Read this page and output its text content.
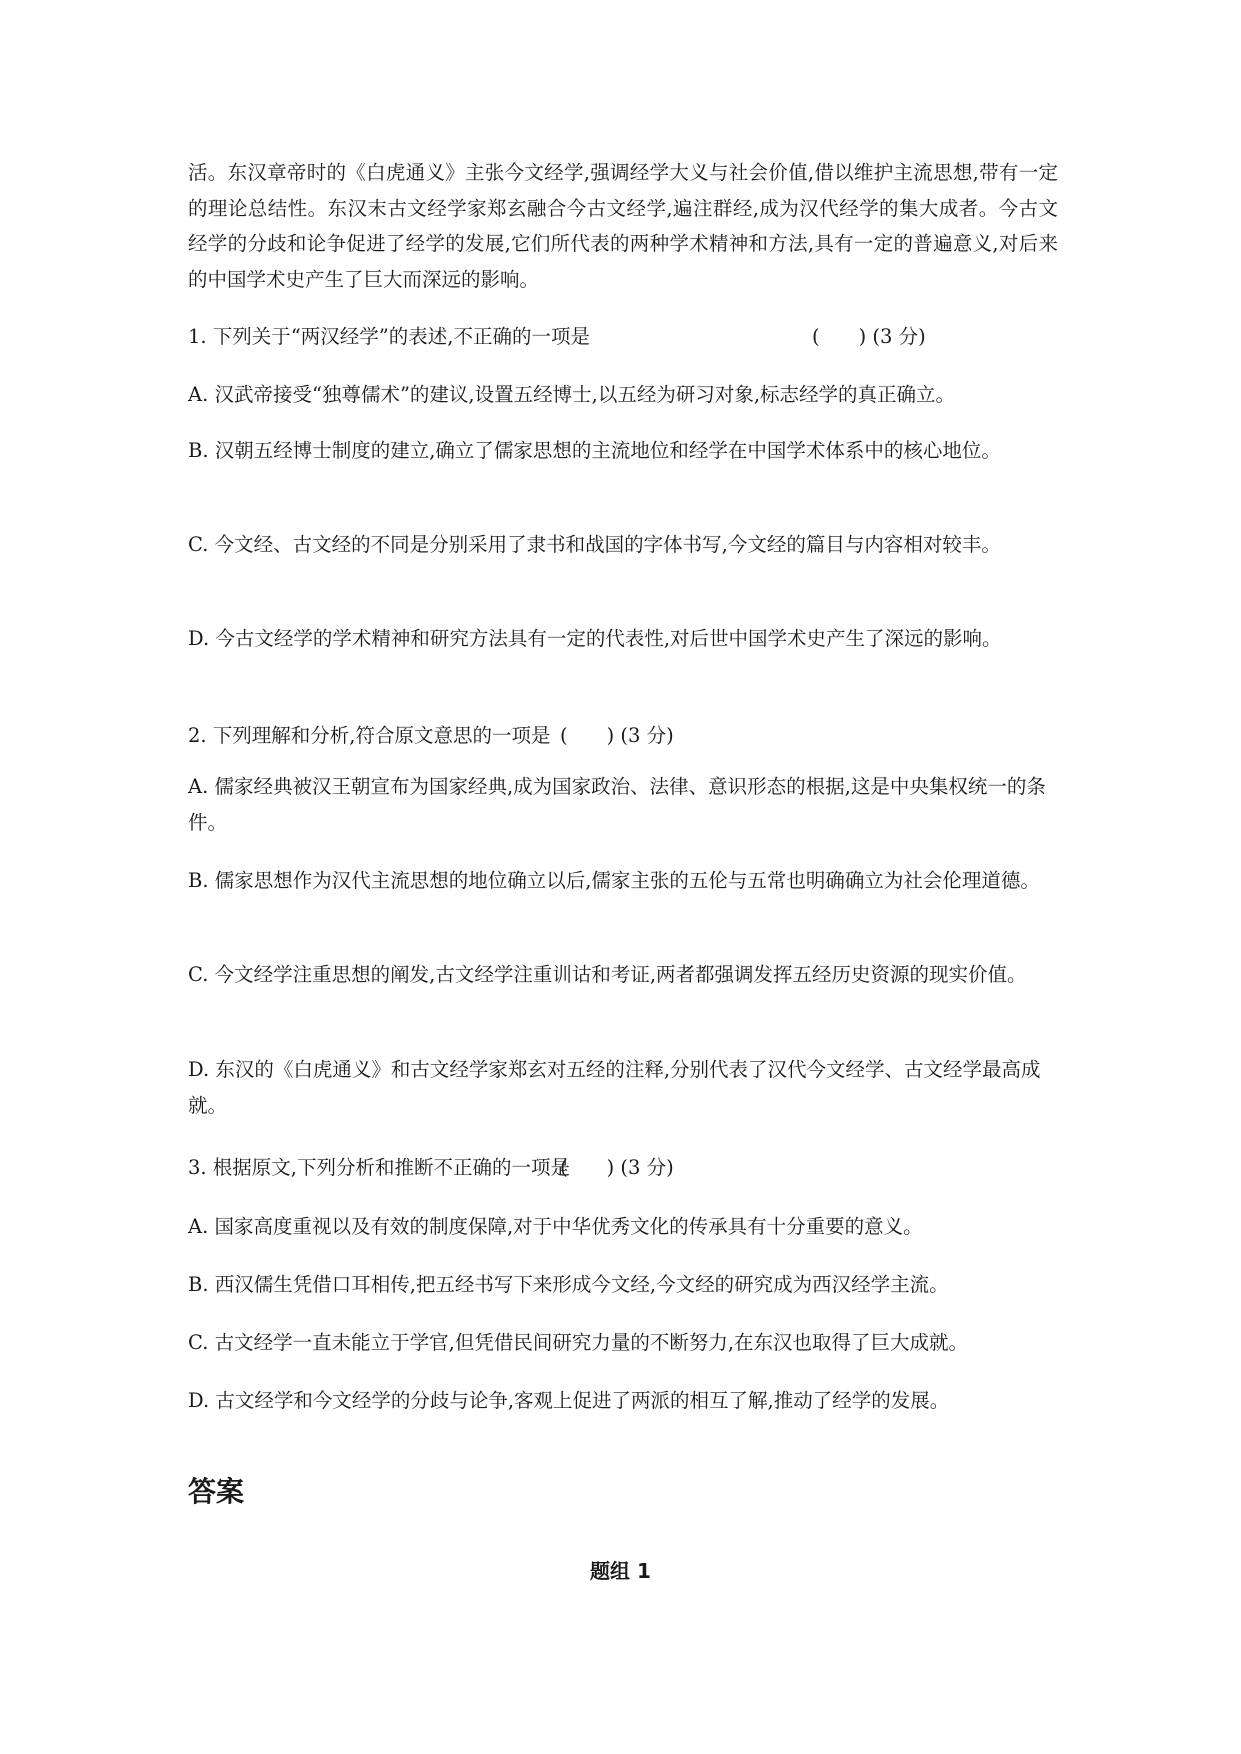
活。东汉章帝时的《白虎通义》主张今文经学,强调经学大义与社会价值,借以维护主流思想,带有一定的理论总结性。东汉末古文经学家郑玄融合今古文经学,遍注群经,成为汉代经学的集大成者。今古文经学的分歧和论争促进了经学的发展,它们所代表的两种学术精神和方法,具有一定的普遍意义,对后来的中国学术史产生了巨大而深远的影响。

1. 下列关于“两汉经学”的表述,不正确的一项是	(　　) (3 分)
A. 汉武帝接受“独尊儒术”的建议,设置五经博士,以五经为研习对象,标志经学的真正确立。

B. 汉朝五经博士制度的建立,确立了儒家思想的主流地位和经学在中国学术体系中的核心地位。

C. 今文经、古文经的不同是分别采用了隶书和战国的字体书写,今文经的篇目与内容相对较丰。

D. 今古文经学的学术精神和研究方法具有一定的代表性,对后世中国学术史产生了深远的影响。

2. 下列理解和分析,符合原文意思的一项是 (　　) (3 分)

A. 儒家经典被汉王朝宣布为国家经典,成为国家政治、法律、意识形态的根据,这是中央集权统一的条件。

B. 儒家思想作为汉代主流思想的地位确立以后,儒家主张的五伦与五常也明确确立为社会伦理道德。

C. 今文经学注重思想的阐发,古文经学注重训诂和考证,两者都强调发挥五经历史资源的现实价值。

D. 东汉的《白虎通义》和古文经学家郑玄对五经的注释,分别代表了汉代今文经学、古文经学最高成就。

3. 根据原文,下列分析和推断不正确的一项是
(　　) (3 分)
A. 国家高度重视以及有效的制度保障,对于中华优秀文化的传承具有十分重要的意义。
B. 西汉儒生凭借口耳相传,把五经书写下来形成今文经,今文经的研究成为西汉经学主流。
C. 古文经学一直未能立于学官,但凭借民间研究力量的不断努力,在东汉也取得了巨大成就。
D. 古文经学和今文经学的分歧与论争,客观上促进了两派的相互了解,推动了经学的发展。
答案
题组 1
